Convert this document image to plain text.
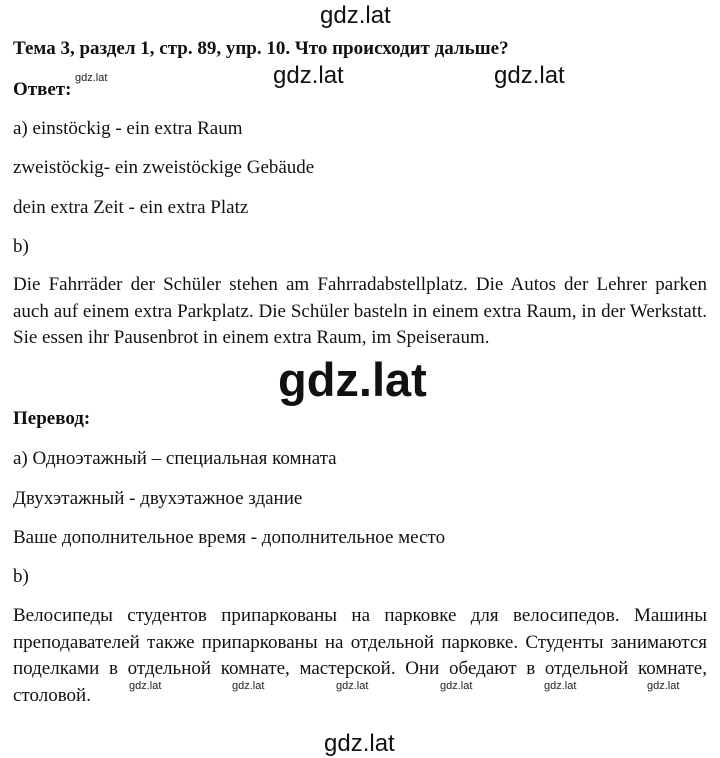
gdz.lat
Тема 3, раздел 1, стр. 89, упр. 10. Что происходит дальше?
Ответ:
gdz.lat	gdz.lat	gdz.lat
a) einstöckig - ein extra Raum
zweistöckig- ein zweistöckige Gebäude
dein extra Zeit - ein extra Platz
b)
Die Fahrräder der Schüler stehen am Fahrradabstellplatz. Die Autos der Lehrer parken auch auf einem extra Parkplatz. Die Schüler basteln in einem extra Raum, in der Werkstatt. Sie essen ihr Pausenbrot in einem extra Raum, im Speiseraum.
gdz.lat
Перевод:
а) Одноэтажный – специальная комната
Двухэтажный - двухэтажное здание
Ваше дополнительное время - дополнительное место
b)
Велосипеды студентов припаркованы на парковке для велосипедов. Машины преподавателей также припаркованы на отдельной парковке. Студенты занимаются поделками в отдельной комнате, мастерской. Они обедают в отдельной комнате, столовой.	gdz.lat	gdz.lat	gdz.lat	gdz.lat	gdz.lat	gdz.lat
gdz.lat
